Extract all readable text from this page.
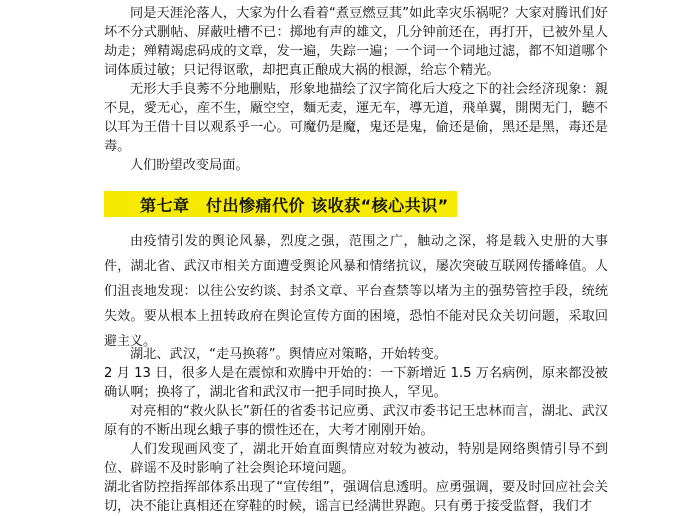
同是天涯沦落人，大家为什么看着“煮豆燃豆萁”如此幸灾乐祸呢？大家对腾讯们好坏不分式删帖、屏蔽吐槽不已：掷地有声的雄文，几分钟前还在，再打开，已被外星人劫走；殚精竭虑码成的文章，发一遍，失踪一遍；一个词一个词地过滤，都不知道哪个词体质过敏；只记得讴歌，却把真正酿成大祸的根源，给忘个精光。

无形大手良莠不分地删贴，形象地描绘了汉字简化后大疫之下的社会经济现象：親不見，愛无心，産不生，厰空空，麵无麦，運无车，導无道，飛单翼，開関无门，聽不以耳为王借十目以观系乎一心。可魔仍是魔，鬼还是鬼，偷还是偷，黑还是黑，毒还是毒。

人们盼望改变局面。

第七章　付出惨痛代价 该收获“核心共识”

由疫情引发的舆论风暴，烈度之强，范围之广，触动之深，将是载入史册的大事件，湖北省、武汉市相关方面遭受舆论风暴和情绪抗议，屡次突破互联网传播峰值。人们沮丧地发现：以往公安约谈、封杀文章、平台查禁等以堵为主的强势管控手段，统统失效。要从根本上扭转政府在舆论宣传方面的困境，恐怕不能对民众关切问题，采取回避主义。

湖北、武汉，“走马换蒋”。舆情应对策略，开始转变。

2 月 13 日，很多人是在震惊和欢腾中开始的：一下新增近 1.5 万名病例，原来都没被确认啊；换将了，湖北省和武汉市一把手同时换人，罕见。

对亮相的“救火队长”新任的省委书记应勇、武汉市委书记王忠林而言，湖北、武汉原有的不断出现幺蛾子事的惯性还在，大考才刚刚开始。

人们发现画风变了，湖北开始直面舆情应对较为被动，特别是网络舆情引导不到位、辟谣不及时影响了社会舆论环境问题。

湖北省防控指挥部体系出现了“宣传组”，强调信息透明。应勇强调，要及时回应社会关切，决不能让真相还在穿鞋的时候，谣言已经满世界跑。只有勇于接受监督，我们才
